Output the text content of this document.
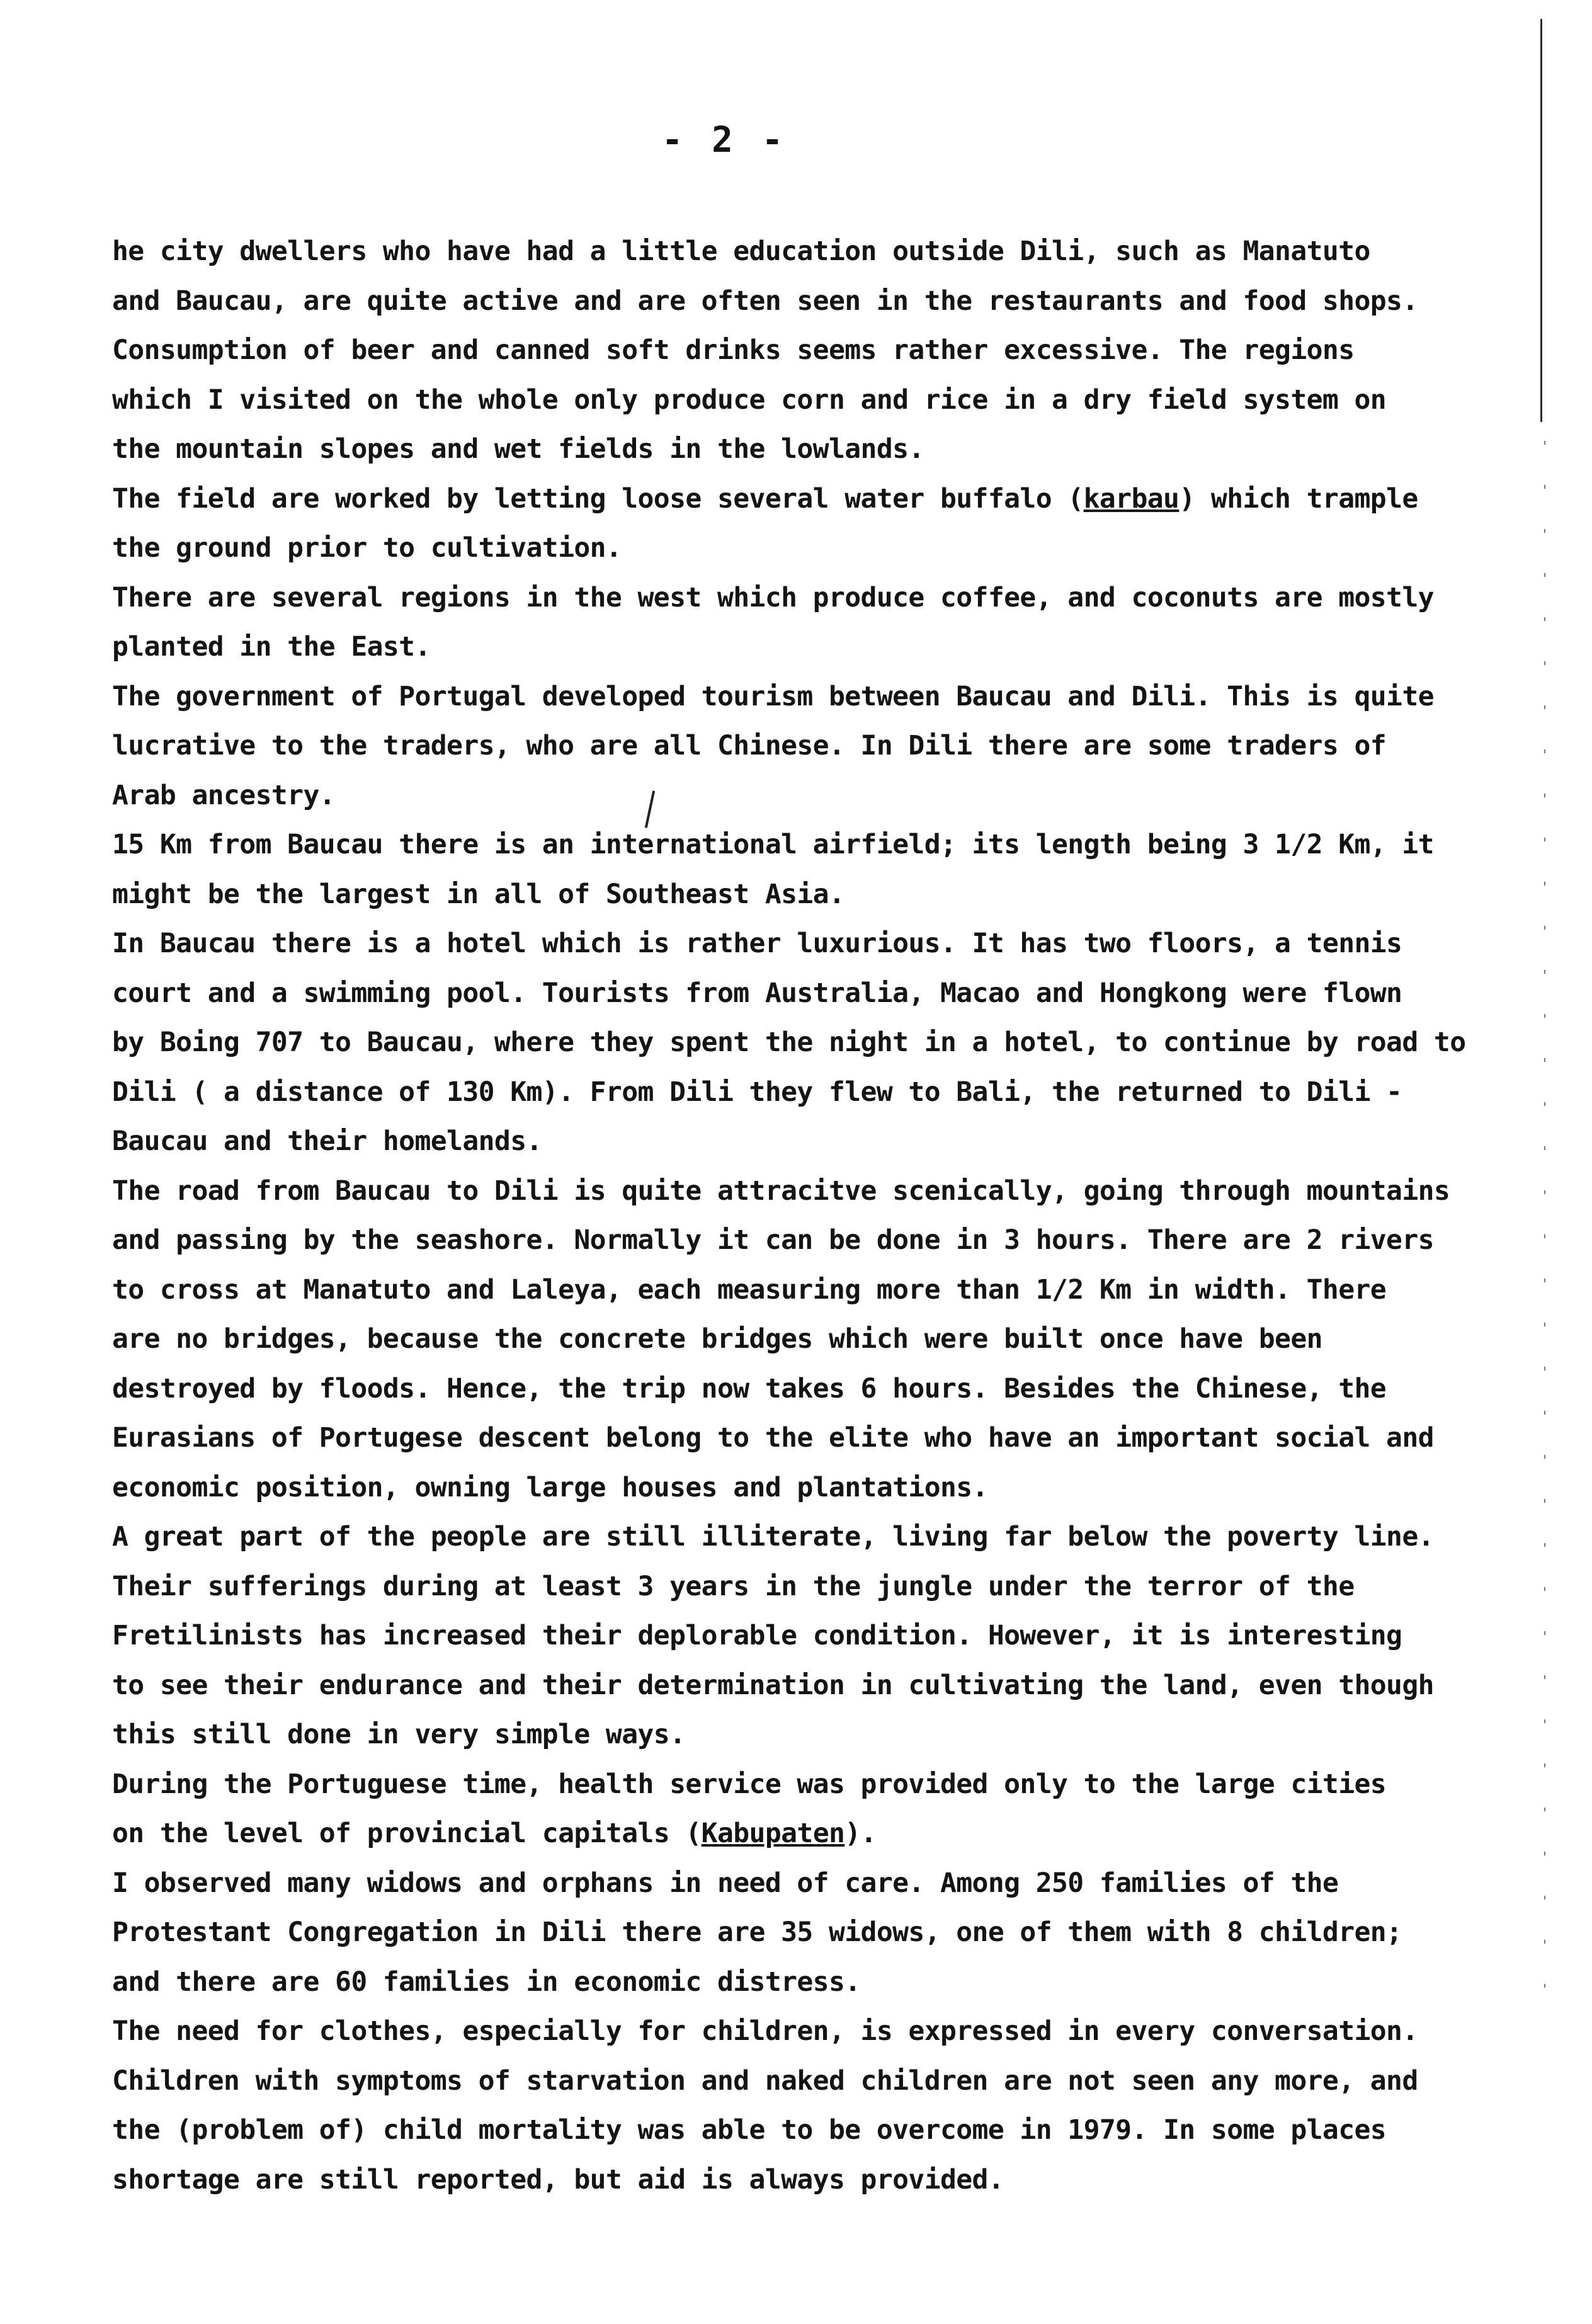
- 2 -
he city dwellers who have had a little education outside Dili, such as Manatuto
and Baucau, are quite active and are often seen in the restaurants and food shops.
Consumption of beer and canned soft drinks seems rather excessive. The regions
which I visited on the whole only produce corn and rice in a dry field system on
the mountain slopes and wet fields in the lowlands.
The field are worked by letting loose several water buffalo (karbau) which trample
the ground prior to cultivation.
There are several regions in the west which produce coffee, and coconuts are mostly
planted in the East.
The government of Portugal developed tourism between Baucau and Dili. This is quite
lucrative to the traders, who are all Chinese. In Dili there are some traders of
Arab ancestry.
15 Km from Baucau there is an international airfield; its length being 3 1/2 Km, it
might be the largest in all of Southeast Asia.
In Baucau there is a hotel which is rather luxurious. It has two floors, a tennis
court and a swimming pool. Tourists from Australia, Macao and Hongkong were flown
by Boing 707 to Baucau, where they spent the night in a hotel, to continue by road to
Dili ( a distance of 130 Km). From Dili they flew to Bali, the returned to Dili -
Baucau and their homelands.
The road from Baucau to Dili is quite attracitve scenically, going through mountains
and passing by the seashore. Normally it can be done in 3 hours. There are 2 rivers
to cross at Manatuto and Laleya, each measuring more than 1/2 Km in width. There
are no bridges, because the concrete bridges which were built once have been
destroyed by floods. Hence, the trip now takes 6 hours. Besides the Chinese, the
Eurasians of Portugese descent belong to the elite who have an important social and
economic position, owning large houses and plantations.
A great part of the people are still illiterate, living far below the poverty line.
Their sufferings during at least 3 years in the jungle under the terror of the
Fretilinists has increased their deplorable condition. However, it is interesting
to see their endurance and their determination in cultivating the land, even though
this still done in very simple ways.
During the Portuguese time, health service was provided only to the large cities
on the level of provincial capitals (Kabupaten).
I observed many widows and orphans in need of care. Among 250 families of the
Protestant Congregation in Dili there are 35 widows, one of them with 8 children;
and there are 60 families in economic distress.
The need for clothes, especially for children, is expressed in every conversation.
Children with symptoms of starvation and naked children are not seen any more, and
the (problem of) child mortality was able to be overcome in 1979. In some places
shortage are still reported, but aid is always provided.
